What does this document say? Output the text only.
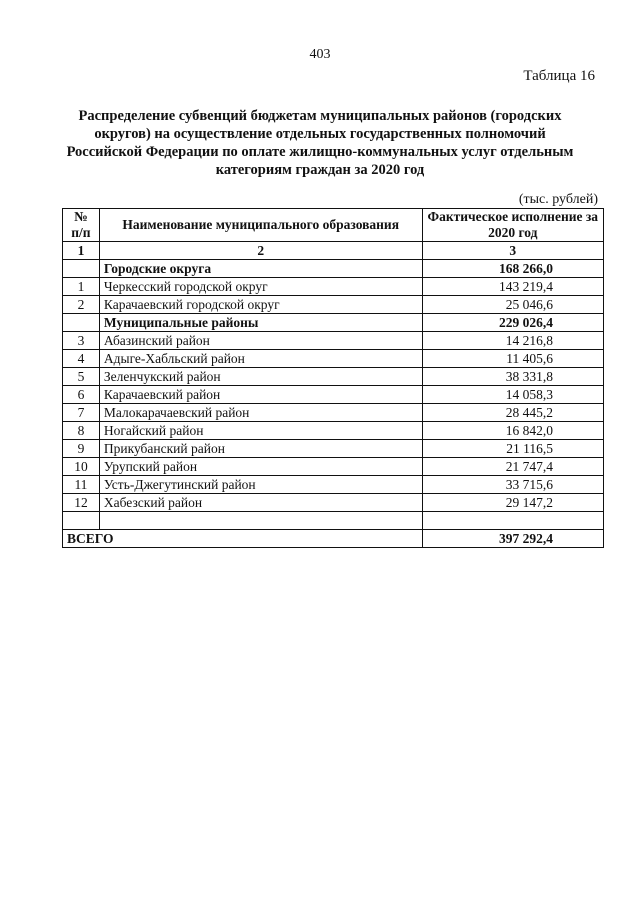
403
Таблица 16
Распределение субвенций бюджетам муниципальных районов (городских
округов) на осуществление отдельных государственных полномочий
Российской Федерации по оплате жилищно-коммунальных услуг отдельным
категориям граждан за 2020 год
(тыс. рублей)
№ п/п	Наименование муниципального образования	Фактическое исполнение за 2020 год
1	2	3
	Городские округа	168 266,0
1	Черкесский городской округ	143 219,4
2	Карачаевский городской округ	25 046,6
	Муниципальные районы	229 026,4
3	Абазинский район	14 216,8
4	Адыге-Хабльский район	11 405,6
5	Зеленчукский район	38 331,8
6	Карачаевский район	14 058,3
7	Малокарачаевский район	28 445,2
8	Ногайский район	16 842,0
9	Прикубанский район	21 116,5
10	Урупский район	21 747,4
11	Усть-Джегутинский район	33 715,6
12	Хабезский район	29 147,2

ВСЕГО		397 292,4
